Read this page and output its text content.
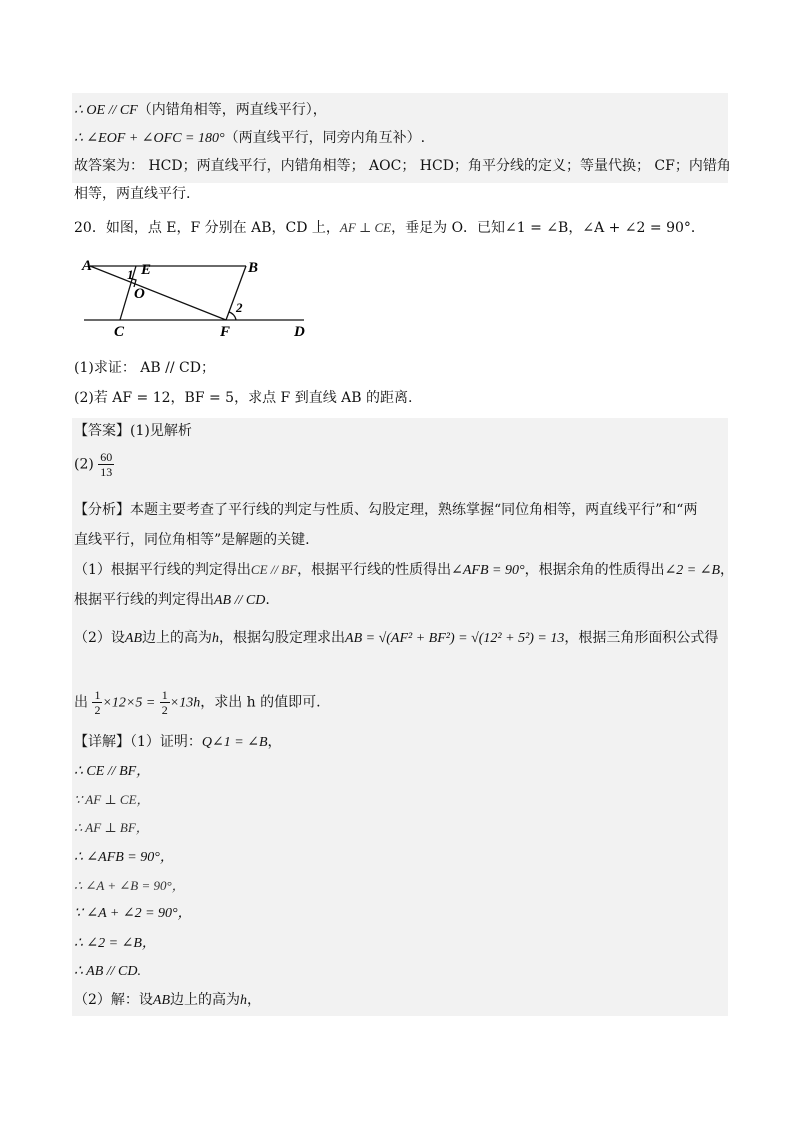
∴ OE // CF（内错角相等，两直线平行），
∴ ∠EOF + ∠OFC = 180°（两直线平行，同旁内角互补）.
故答案为： HCD；两直线平行，内错角相等； AOC； HCD；角平分线的定义；等量代换； CF；内错角
相等，两直线平行.
20．如图，点 E，F 分别在 AB，CD 上，AF ⊥ CE，垂足为 O．已知∠1 = ∠B，∠A + ∠2 = 90°．
A	B
C	D
E
F
O
1
2
(1)求证： AB // CD；
(2)若 AF = 12，BF = 5，求点 F 到直线 AB 的距离.
【答案】(1)见解析
$(2) \frac{60}{13}$
【分析】本题主要考查了平行线的判定与性质、勾股定理，熟练掌握“同位角相等，两直线平行”和“两
直线平行，同位角相等”是解题的关键.
（1）根据平行线的判定得出CE // BF，根据平行线的性质得出∠AFB = 90°，根据余角的性质得出∠2 = ∠B，
根据平行线的判定得出AB // CD.
（2）设AB边上的高为h，根据勾股定理求出AB = √(AF² + BF²) = √(12² + 5²) = 13，根据三角形面积公式得
出 $\frac{1}{2} \times 12\times 5 = \frac{1}{2} \times 13h$，求出 h 的值即可.
【详解】（1）证明：Q∠1 = ∠B，
∴ CE // BF，
∵ AF ⊥ CE，
∴ AF ⊥ BF，
∴ ∠AFB = 90°，
∴ ∠A + ∠B = 90°，
∵ ∠A + ∠2 = 90°，
∴ ∠2 = ∠B，
∴ AB // CD.
（2）解：设AB边上的高为h，
